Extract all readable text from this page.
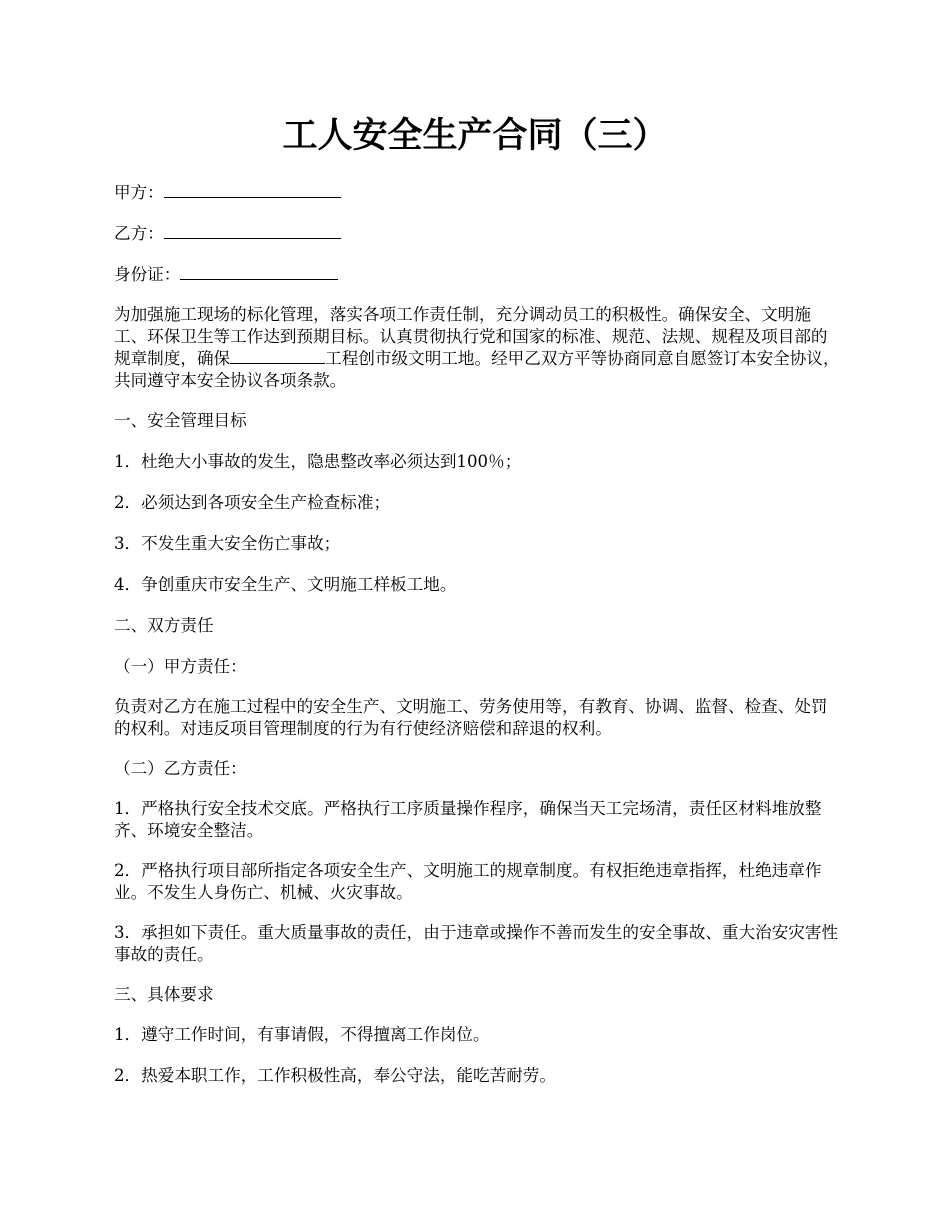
工人安全生产合同（三）

甲方：

乙方：

身份证：

为加强施工现场的标化管理，落实各项工作责任制，充分调动员工的积极性。确保安全、文明施工、环保卫生等工作达到预期目标。认真贯彻执行党和国家的标准、规范、法规、规程及项目部的规章制度，确保	工程创市级文明工地。经甲乙双方平等协商同意自愿签订本安全协议，共同遵守本安全协议各项条款。

一、安全管理目标

1．杜绝大小事故的发生，隐患整改率必须达到100％；

2．必须达到各项安全生产检查标准；

3．不发生重大安全伤亡事故；

4．争创重庆市安全生产、文明施工样板工地。

二、双方责任

（一）甲方责任：

负责对乙方在施工过程中的安全生产、文明施工、劳务使用等，有教育、协调、监督、检查、处罚的权利。对违反项目管理制度的行为有行使经济赔偿和辞退的权利。

（二）乙方责任：

1．严格执行安全技术交底。严格执行工序质量操作程序，确保当天工完场清，责任区材料堆放整齐、环境安全整洁。

2．严格执行项目部所指定各项安全生产、文明施工的规章制度。有权拒绝违章指挥，杜绝违章作业。不发生人身伤亡、机械、火灾事故。

3．承担如下责任。重大质量事故的责任，由于违章或操作不善而发生的安全事故、重大治安灾害性事故的责任。

三、具体要求

1．遵守工作时间，有事请假，不得擅离工作岗位。

2．热爱本职工作，工作积极性高，奉公守法，能吃苦耐劳。
